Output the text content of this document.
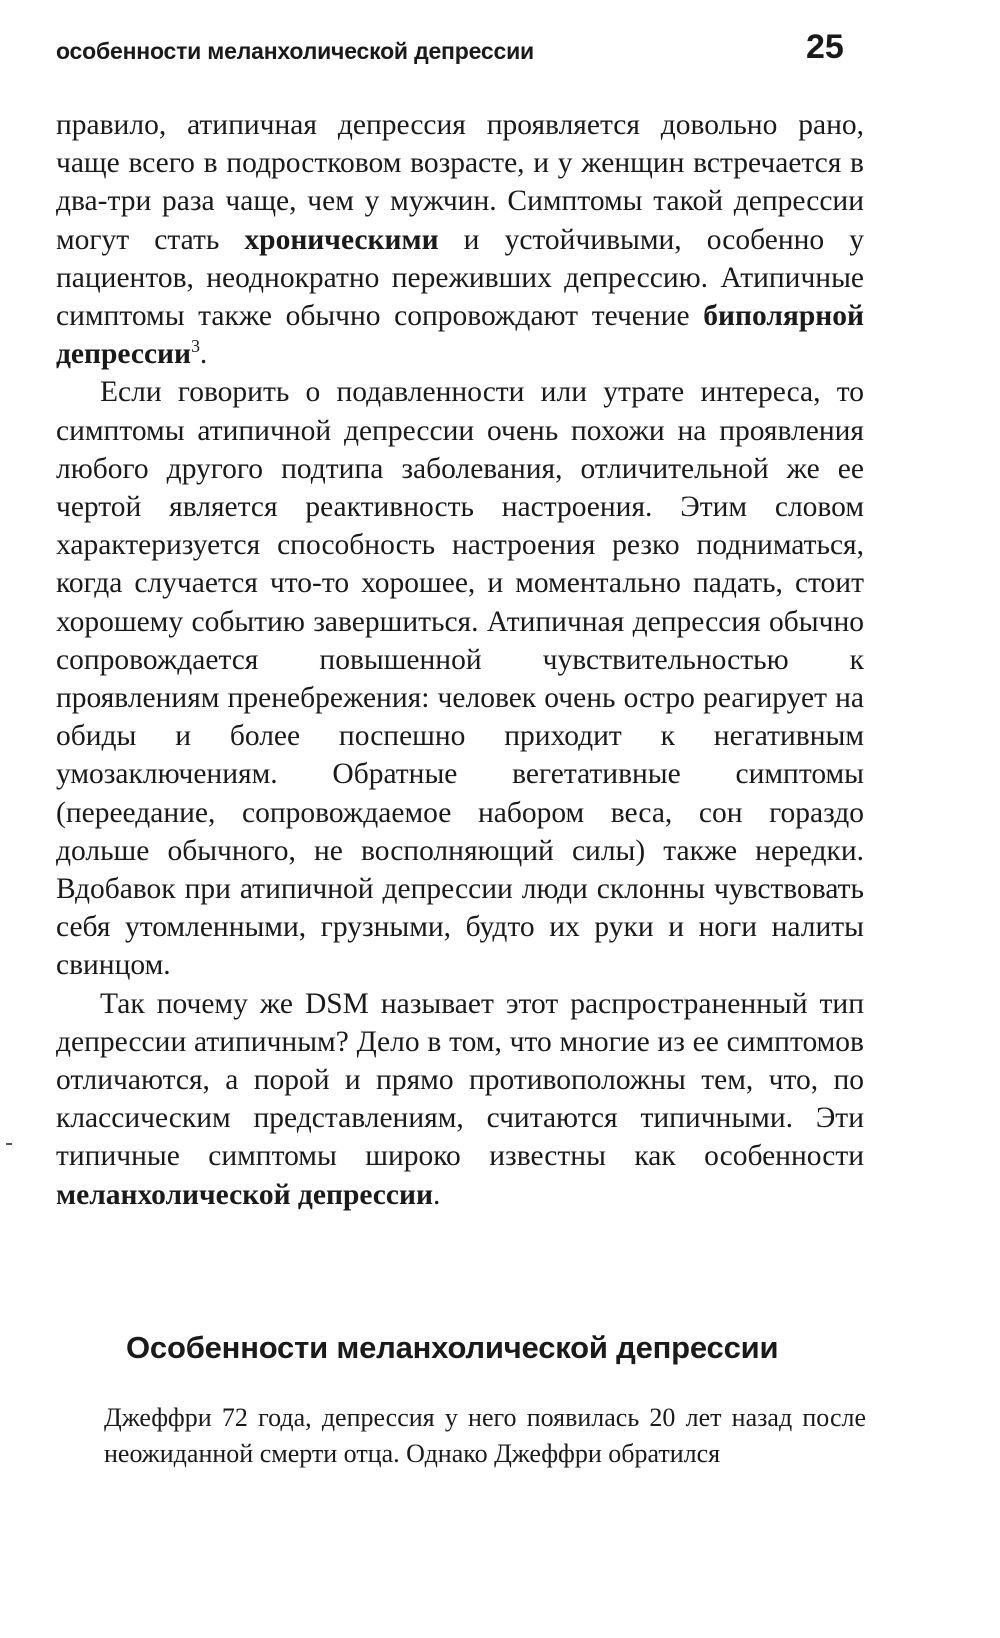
особенности меланхолической депрессии	25

правило, атипичная депрессия проявляется довольно рано, чаще всего в подростковом возрасте, и у женщин встречается в два-три раза чаще, чем у мужчин. Симптомы такой депрессии могут стать хроническими и устойчивыми, особенно у пациентов, неоднократно переживших депрессию. Атипичные симптомы также обычно сопровождают течение биполярной депрессии$^3$.

Если говорить о подавленности или утрате интереса, то симптомы атипичной депрессии очень похожи на проявления любого другого подтипа заболевания, отличительной же ее чертой является реактивность настроения. Этим словом характеризуется способность настроения резко подниматься, когда случается что-то хорошее, и моментально падать, стоит хорошему событию завершиться. Атипичная депрессия обычно сопровождается повышенной чувствительностью к проявлениям пренебрежения: человек очень остро реагирует на обиды и более поспешно приходит к негативным умозаключениям. Обратные вегетативные симптомы (переедание, сопровождаемое набором веса, сон гораздо дольше обычного, не восполняющий силы) также нередки. Вдобавок при атипичной депрессии люди склонны чувствовать себя утомленными, грузными, будто их руки и ноги налиты свинцом.

Так почему же DSM называет этот распространенный тип депрессии атипичным? Дело в том, что многие из ее симптомов отличаются, а порой и прямо противоположны тем, что, по классическим представлениям, считаются типичными. Эти типичные симптомы широко известны как особенности меланхолической депрессии.

Особенности меланхолической депрессии

Джеффри 72 года, депрессия у него появилась 20 лет назад после неожиданной смерти отца. Однако Джеффри обратился
